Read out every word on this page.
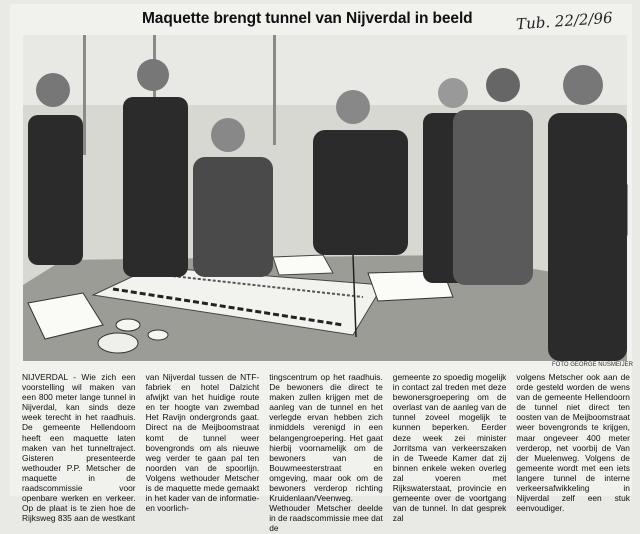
Maquette brengt tunnel van Nijverdal in beeld	Tub. 22/2/96
FOTO GEORGE NUSMEIJER
NIJVERDAL - Wie zich een voorstelling wil maken van een 800 meter lange tunnel in Nijverdal, kan sinds deze week terecht in het raadhuis. De gemeente Hellendoorn heeft een maquette laten maken van het tunneltraject. Gisteren presenteerde wethouder P.P. Metscher de maquette in de raadscommissie voor openbare werken en verkeer. Op de plaat is te zien hoe de Rijksweg 835 aan de westkant
van Nijverdal tussen de NTF-fabriek en hotel Dalzicht afwijkt van het huidige route en ter hoogte van zwembad Het Ravijn ondergronds gaat. Direct na de Meijboomstraat komt de tunnel weer bovengronds om als nieuwe weg verder te gaan pal ten noorden van de spoorlijn. Volgens wethouder Metscher is de maquette mede gemaakt in het kader van de informatie- en voorlich-
tingscentrum op het raadhuis. De bewoners die direct te maken zullen krijgen met de aanleg van de tunnel en het verlegde ervan hebben zich inmiddels verenigd in een belangengroepering. Het gaat hierbij voornamelijk om de bewoners van de Bouwmeesterstraat en omgeving, maar ook om de bewoners verderop richting Kruidenlaan/Veenweg. Wethouder Metscher deelde in de raadscommissie mee dat de
gemeente zo spoedig mogelijk in contact zal treden met deze bewonersgroepering om de overlast van de aanleg van de tunnel zoveel mogelijk te kunnen beperken. Eerder deze week zei minister Jorritsma van verkeerszaken in de Tweede Kamer dat zij binnen enkele weken overleg zal voeren met Rijkswaterstaat, provincie en gemeente over de voortgang van de tunnel. In dat gesprek zal
volgens Metscher ook aan de orde gesteld worden de wens van de gemeente Hellendoorn de tunnel niet direct ten oosten van de Meijboomstraat weer bovengronds te krijgen, maar ongeveer 400 meter verderop, net voorbij de Van der Muelenweg. Volgens de gemeente wordt met een iets langere tunnel de interne verkeersafwikkeling in Nijverdal zelf een stuk eenvoudiger.
